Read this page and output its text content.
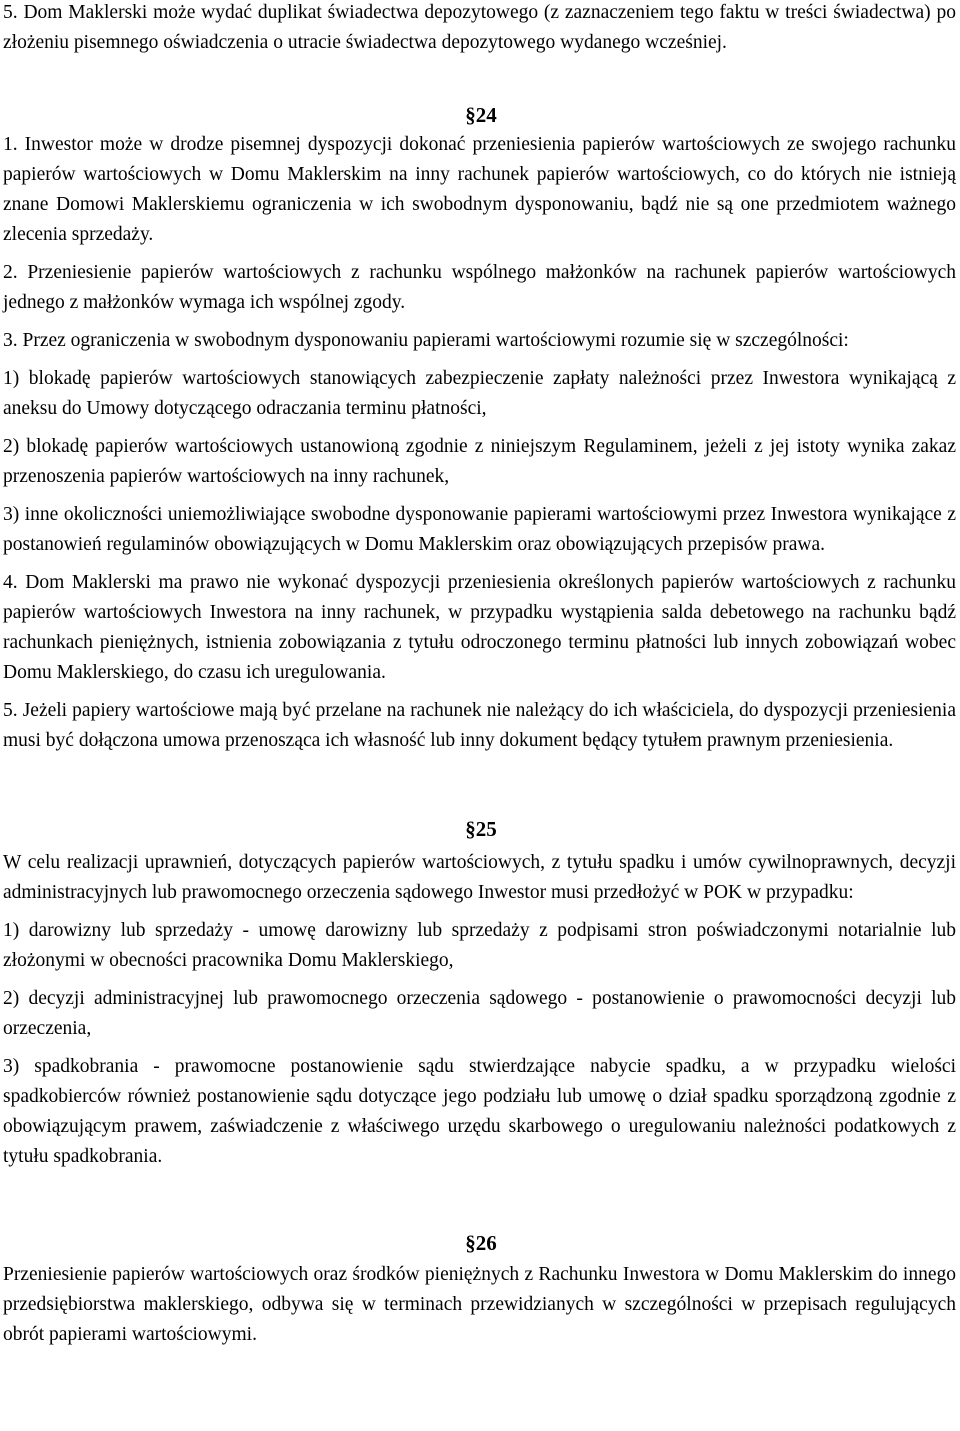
5. Dom Maklerski może wydać duplikat świadectwa depozytowego (z zaznaczeniem tego faktu w treści świadectwa) po złożeniu pisemnego oświadczenia o utracie świadectwa depozytowego wydanego wcześniej.

§24

1. Inwestor może w drodze pisemnej dyspozycji dokonać przeniesienia papierów wartościowych ze swojego rachunku papierów wartościowych w Domu Maklerskim na inny rachunek papierów wartościowych, co do których nie istnieją znane Domowi Maklerskiemu ograniczenia w ich swobodnym dysponowaniu, bądź nie są one przedmiotem ważnego zlecenia sprzedaży.

2. Przeniesienie papierów wartościowych z rachunku wspólnego małżonków na rachunek papierów wartościowych jednego z małżonków wymaga ich wspólnej zgody.

3. Przez ograniczenia w swobodnym dysponowaniu papierami wartościowymi rozumie się w szczególności:

1) blokadę papierów wartościowych stanowiących zabezpieczenie zapłaty należności przez Inwestora wynikającą z aneksu do Umowy dotyczącego odraczania terminu płatności,

2) blokadę papierów wartościowych ustanowioną zgodnie z niniejszym Regulaminem, jeżeli z jej istoty wynika zakaz przenoszenia papierów wartościowych na inny rachunek,

3) inne okoliczności uniemożliwiające swobodne dysponowanie papierami wartościowymi przez Inwestora wynikające z postanowień regulaminów obowiązujących w Domu Maklerskim oraz obowiązujących przepisów prawa.

4. Dom Maklerski ma prawo nie wykonać dyspozycji przeniesienia określonych papierów wartościowych z rachunku papierów wartościowych Inwestora na inny rachunek, w przypadku wystąpienia salda debetowego na rachunku bądź rachunkach pieniężnych, istnienia zobowiązania z tytułu odroczonego terminu płatności lub innych zobowiązań wobec Domu Maklerskiego, do czasu ich uregulowania.

5. Jeżeli papiery wartościowe mają być przelane na rachunek nie należący do ich właściciela, do dyspozycji przeniesienia musi być dołączona umowa przenosząca ich własność lub inny dokument będący tytułem prawnym przeniesienia.

§25

W celu realizacji uprawnień, dotyczących papierów wartościowych, z tytułu spadku i umów cywilnoprawnych, decyzji administracyjnych lub prawomocnego orzeczenia sądowego Inwestor musi przedłożyć w POK w przypadku:

1) darowizny lub sprzedaży - umowę darowizny lub sprzedaży z podpisami stron poświadczonymi notarialnie lub złożonymi w obecności pracownika Domu Maklerskiego,

2) decyzji administracyjnej lub prawomocnego orzeczenia sądowego - postanowienie o prawomocności decyzji lub orzeczenia,

3) spadkobrania - prawomocne postanowienie sądu stwierdzające nabycie spadku, a w przypadku wielości spadkobierców również postanowienie sądu dotyczące jego podziału lub umowę o dział spadku sporządzoną zgodnie z obowiązującym prawem, zaświadczenie z właściwego urzędu skarbowego o uregulowaniu należności podatkowych z tytułu spadkobrania.

§26

Przeniesienie papierów wartościowych oraz środków pieniężnych z Rachunku Inwestora w Domu Maklerskim do innego przedsiębiorstwa maklerskiego, odbywa się w terminach przewidzianych w szczególności w przepisach regulujących obrót papierami wartościowymi.
